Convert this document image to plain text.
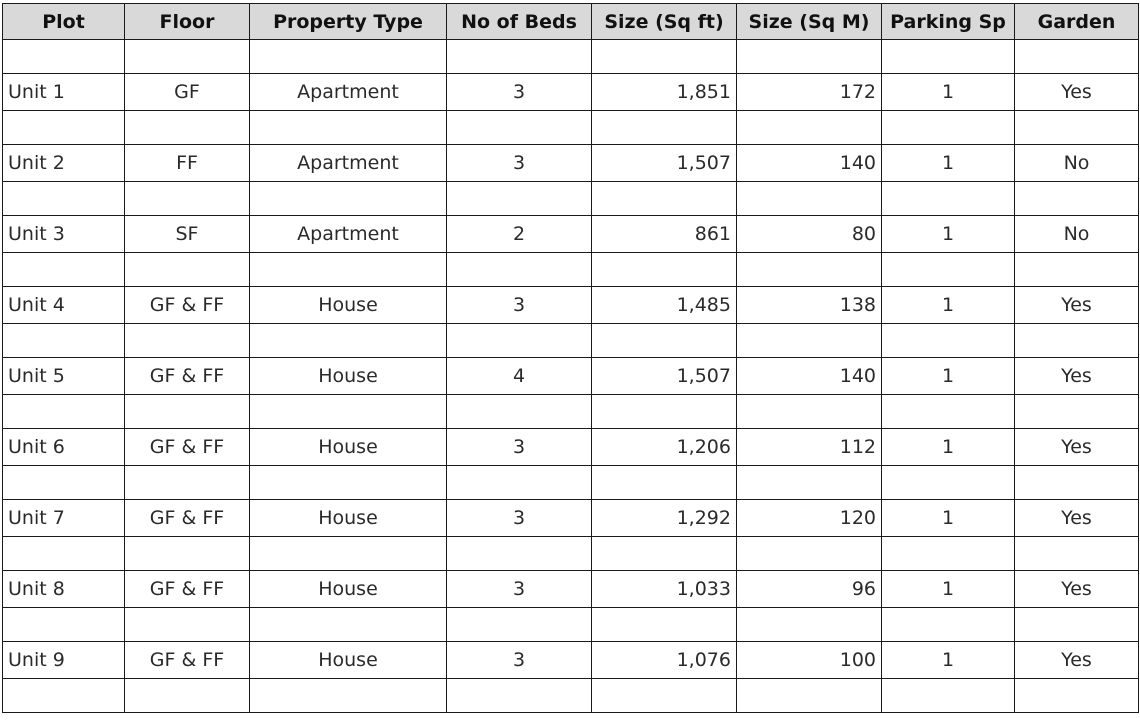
Plot	Floor	Property Type	No of Beds	Size (Sq ft)	Size (Sq M)	Parking Sp	Garden

Unit 1	GF	Apartment	3	1,851	172	1	Yes

Unit 2	FF	Apartment	3	1,507	140	1	No

Unit 3	SF	Apartment	2	861	80	1	No

Unit 4	GF & FF	House	3	1,485	138	1	Yes

Unit 5	GF & FF	House	4	1,507	140	1	Yes

Unit 6	GF & FF	House	3	1,206	112	1	Yes

Unit 7	GF & FF	House	3	1,292	120	1	Yes

Unit 8	GF & FF	House	3	1,033	96	1	Yes

Unit 9	GF & FF	House	3	1,076	100	1	Yes
